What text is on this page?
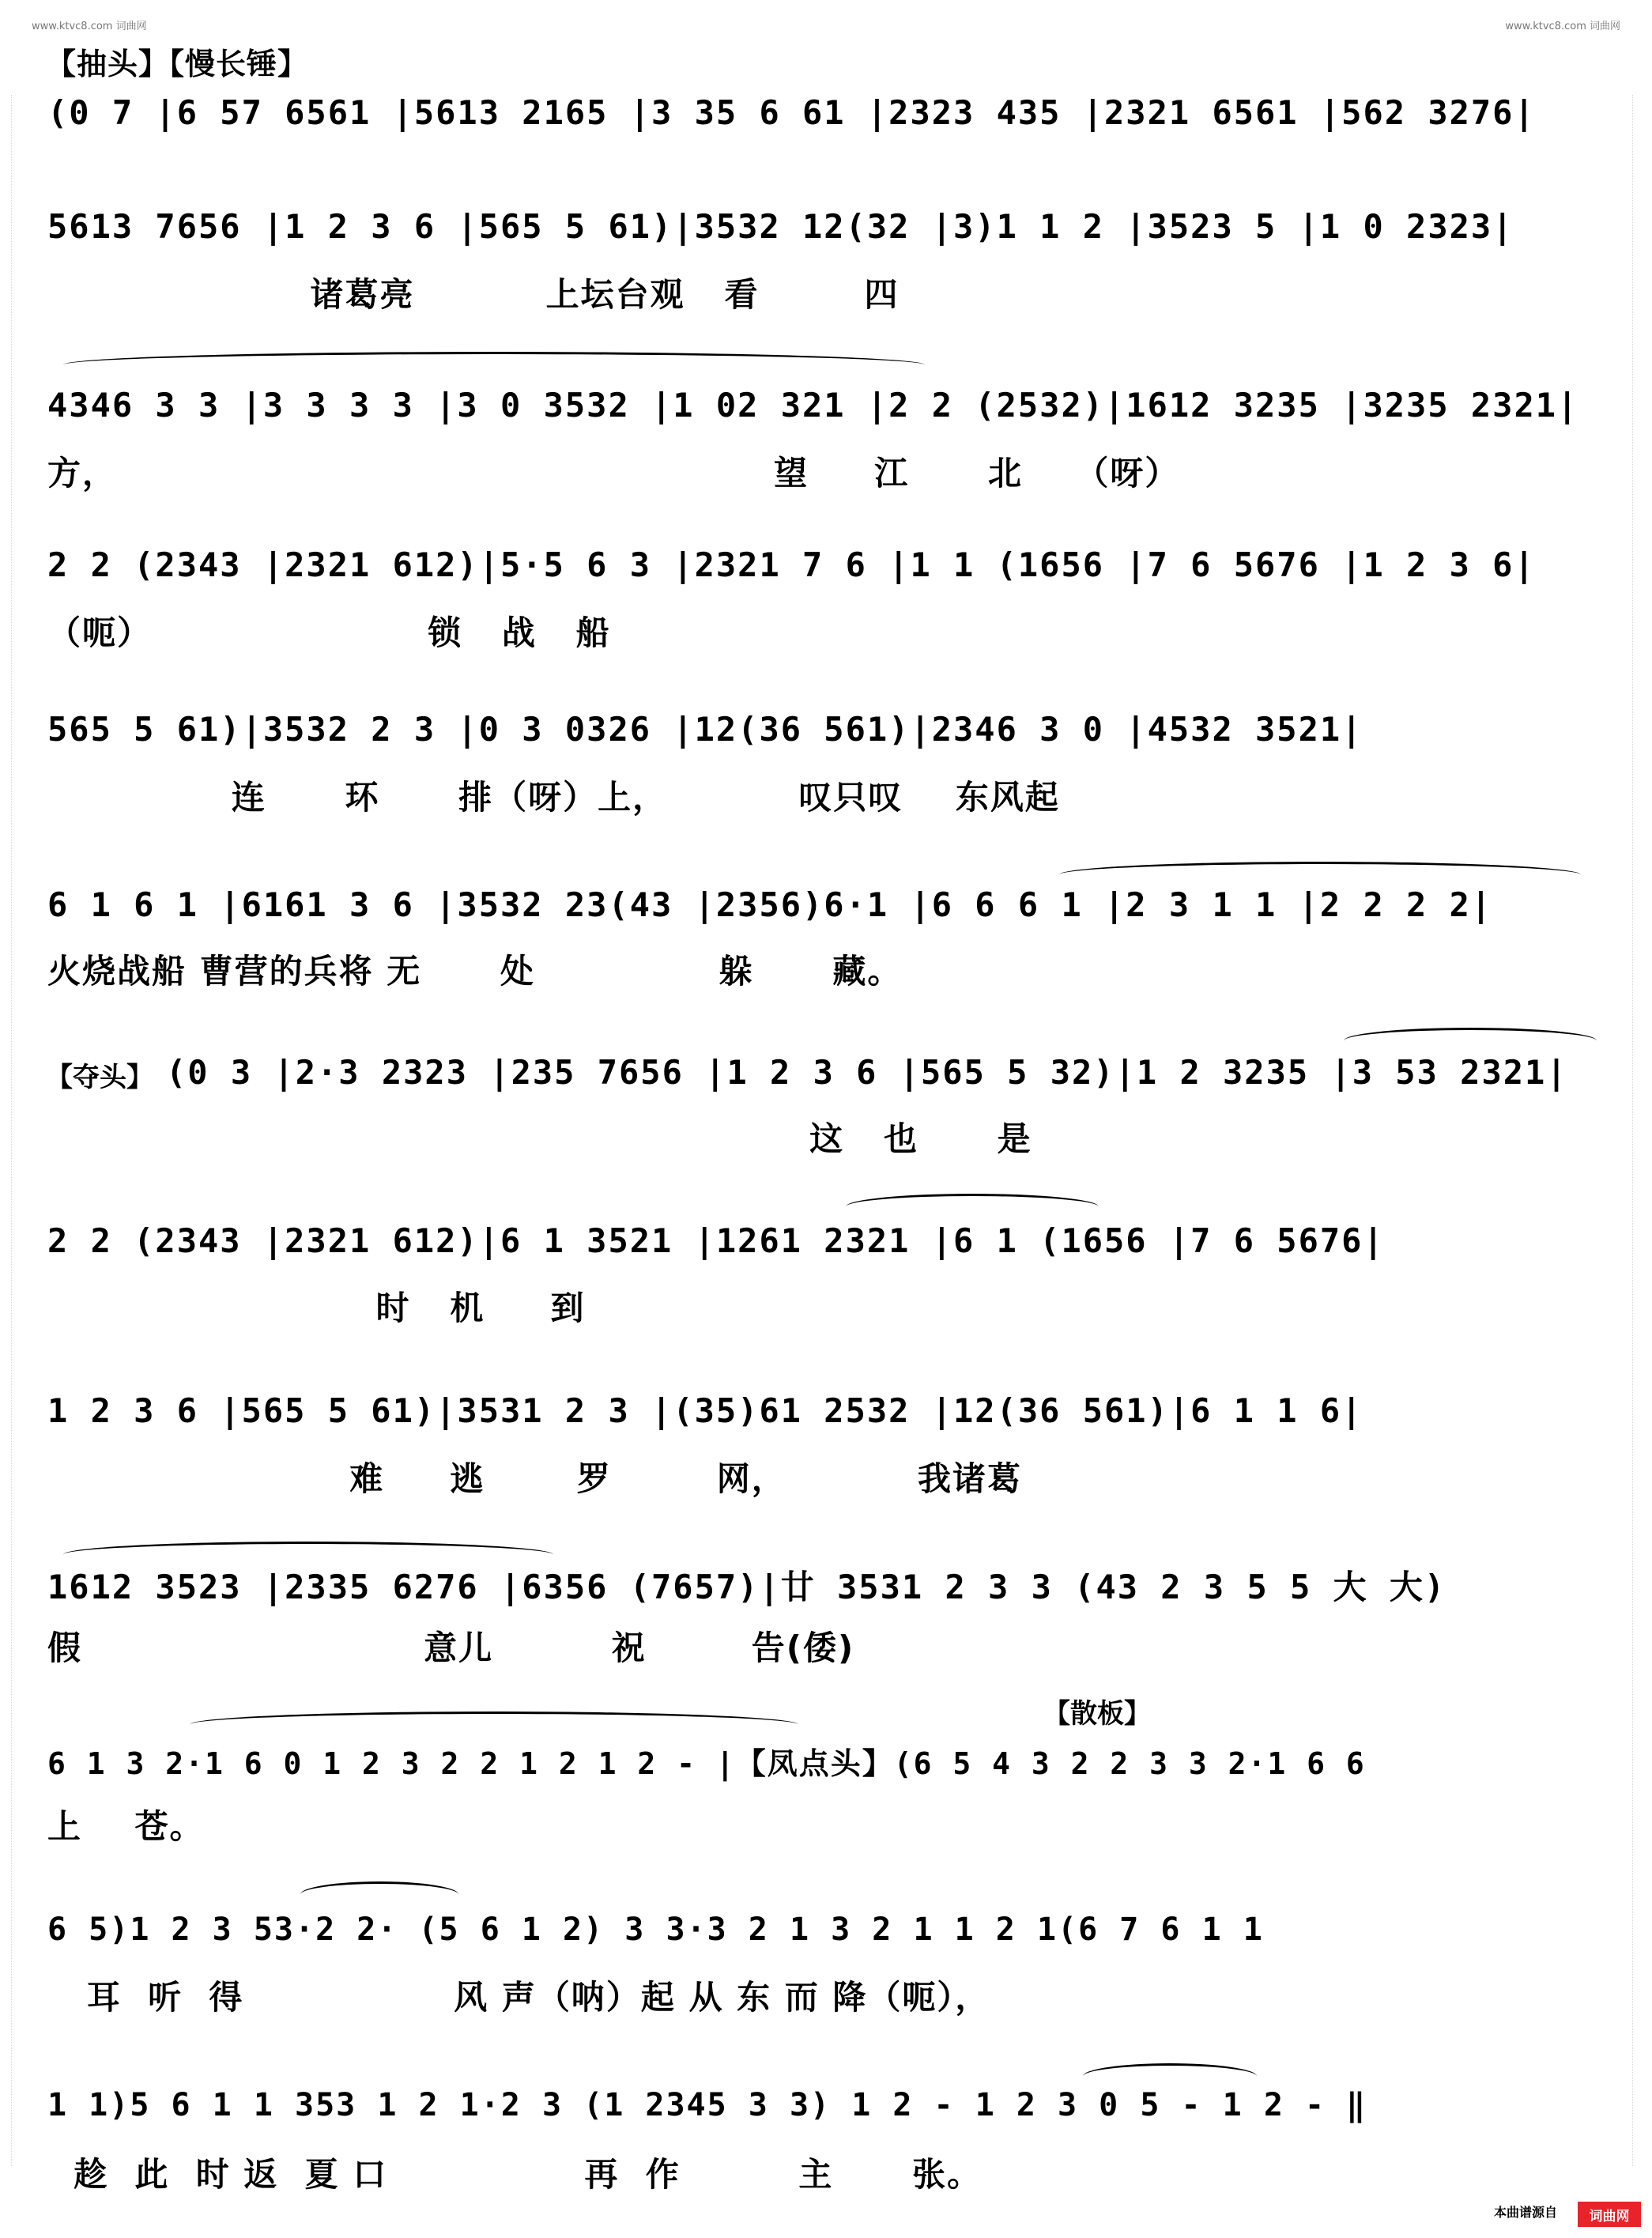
www.ktvc8.com 词曲网	www.ktvc8.com 词曲网
【抽头】【慢长锤】
(0 7 |6 57 6561 |5613 2165 |3 35 6 61 |2323 435 |2321 6561 |562 3276|
5613 7656 |1 2 3 6 |565 5 61)|3532 12(32 |3)1 1 2 |3523 5 |1 0 2323|
诸葛亮          上坛台观   看        四
4346 3 3 |3 3 3 3 |3 0 3532 |1 02 321 |2 2 (2532)|1612 3235 |3235 2321|
方，                                                  望     江      北    （呀）
2 2 (2343 |2321 612)|5·5 6 3 |2321 7 6 |1 1 (1656 |7 6 5676 |1 2 3 6|
（呃）                     锁   战   船
565 5 61)|3532 2 3 |0 3 0326 |12(36 561)|2346 3 0 |4532 3521|
连      环      排（呀）上，          叹只叹    东风起
6 1 6 1 |6161 3 6 |3532 23(43 |2356)6·1 |6 6 6 1 |2 3 1 1 |2 2 2 2|
火烧战船 曹营的兵将 无      处              躲      藏。
【夺头】 (0 3 |2·3 2323 |235 7656 |1 2 3 6 |565 5 32)|1 2 3235 |3 53 2321|
这   也      是
2 2 (2343 |2321 612)|6 1 3521 |1261 2321 |6 1 (1656 |7 6 5676|
时   机     到
1 2 3 6 |565 5 61)|3531 2 3 |(35)61 2532 |12(36 561)|6 1 1 6|
难     逃       罗        网，          我诸葛
1612 3523 |2335 6276 |6356 (7657)|廿 3531 2 3 3 (43 2 3 5 5 大 大)
假                          意儿         祝        告(倭)
【散板】
6 1 3 2·1 6 0 1 2 3 2 2 1 2 1 2 - |【凤点头】(6 5 4 3 2 2 3 3 2·1 6 6
上    苍。
6 5)1 2 3 53·2 2· (5 6 1 2) 3 3·3 2 1 3 2 1 1 2 1(6 7 6 1 1
耳  听  得                风 声（呐）起 从 东 而 降（呃），
1 1)5 6 1 1 353 1 2 1·2 3 (1 2345 3 3) 1 2 - 1 2 3 0 5 - 1 2 - ‖
趁  此  时 返  夏 口               再  作         主      张。
本曲谱源自	词曲网
